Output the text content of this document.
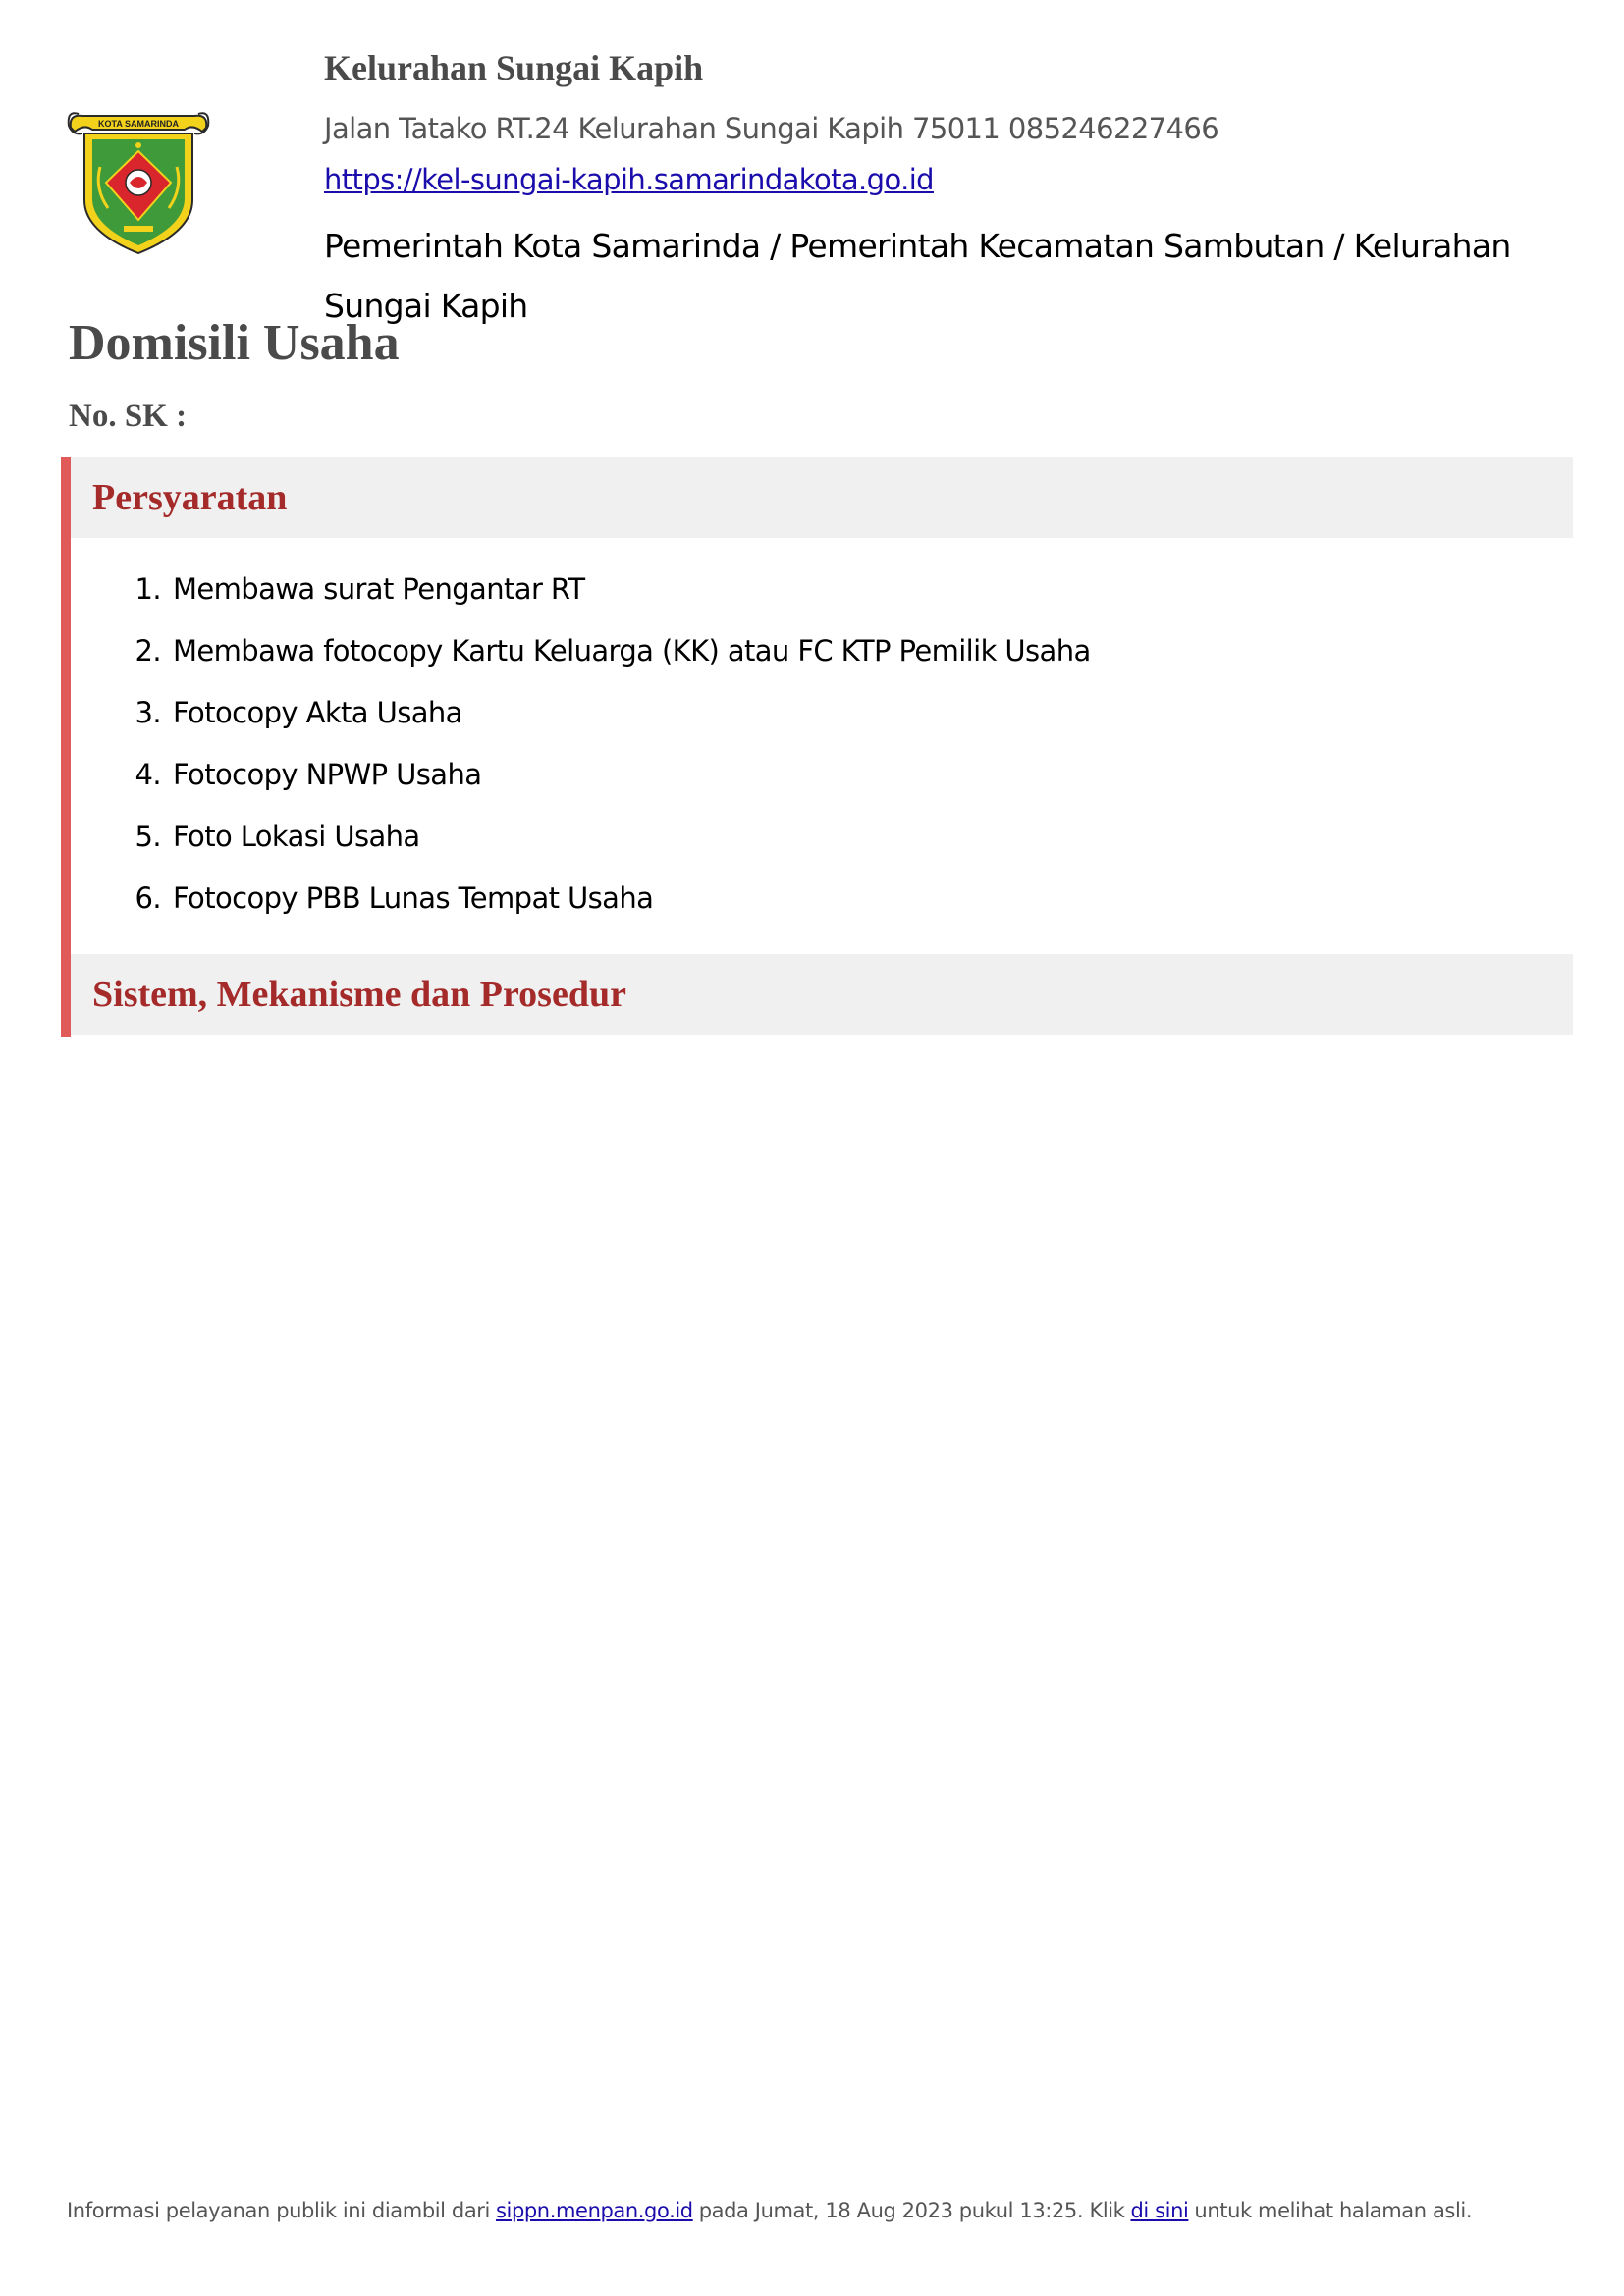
KOTA SAMARINDA
Kelurahan Sungai Kapih
Jalan Tatako RT.24 Kelurahan Sungai Kapih 75011 085246227466
https://kel-sungai-kapih.samarindakota.go.id
Pemerintah Kota Samarinda / Pemerintah Kecamatan Sambutan / Kelurahan Sungai Kapih
Domisili Usaha
No. SK :
Persyaratan
1. Membawa surat Pengantar RT
2. Membawa fotocopy Kartu Keluarga (KK) atau FC KTP Pemilik Usaha
3. Fotocopy Akta Usaha
4. Fotocopy NPWP Usaha
5. Foto Lokasi Usaha
6. Fotocopy PBB Lunas Tempat Usaha
Sistem, Mekanisme dan Prosedur
Informasi pelayanan publik ini diambil dari sippn.menpan.go.id pada Jumat, 18 Aug 2023 pukul 13:25. Klik di sini untuk melihat halaman asli.
